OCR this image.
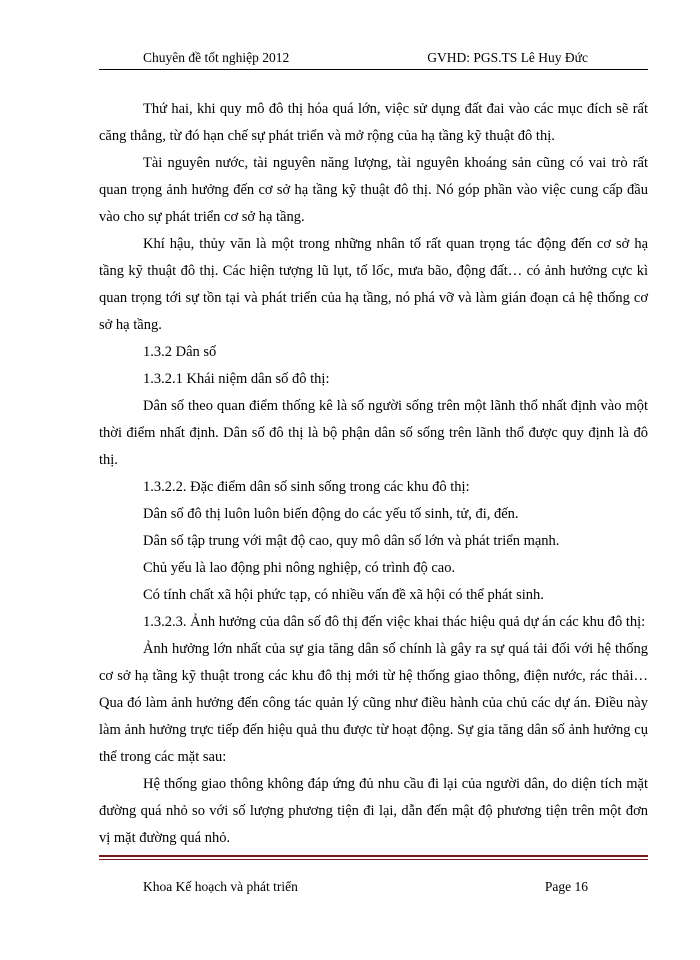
Chuyên đề tốt nghiệp 2012	GVHD: PGS.TS Lê Huy Đức

Thứ hai, khi quy mô đô thị hóa quá lớn, việc sử dụng đất đai vào các mục đích sẽ rất căng thẳng, từ đó hạn chế sự phát triển và mở rộng của hạ tầng kỹ thuật đô thị.

Tài nguyên nước, tài nguyên năng lượng, tài nguyên khoáng sản cũng có vai trò rất quan trọng ảnh hưởng đến cơ sở hạ tầng kỹ thuật đô thị. Nó góp phần vào việc cung cấp đầu vào cho sự phát triển cơ sở hạ tầng.

Khí hậu, thủy văn là một trong những nhân tố rất quan trọng tác động đến cơ sở hạ tầng kỹ thuật đô thị. Các hiện tượng lũ lụt, tố lốc, mưa bão, động đất… có ảnh hưởng cực kì quan trọng tới sự tồn tại và phát triển của hạ tầng, nó phá vỡ và làm gián đoạn cả hệ thống cơ sở hạ tầng.

1.3.2 Dân số

1.3.2.1 Khái niệm dân số đô thị:

Dân số theo quan điểm thống kê là số người sống trên một lãnh thổ nhất định vào một thời điểm nhất định. Dân số đô thị là bộ phận dân số sống trên lãnh thổ được quy định là đô thị.

1.3.2.2. Đặc điểm dân số sinh sống trong các khu đô thị:

Dân số đô thị luôn luôn biến động do các yếu tố sinh, tử, đi, đến.

Dân số tập trung với mật độ cao, quy mô dân số lớn và phát triển mạnh.

Chủ yếu là lao động phi nông nghiệp, có trình độ cao.

Có tính chất xã hội phức tạp, có nhiều vấn đề xã hội có thể phát sinh.

1.3.2.3. Ảnh hưởng của dân số đô thị đến việc khai thác hiệu quả dự án các khu đô thị:

Ảnh hưởng lớn nhất của sự gia tăng dân số chính là gây ra sự quá tải đối với hệ thống cơ sở hạ tầng kỹ thuật trong các khu đô thị mới từ hệ thống giao thông, điện nước, rác thải… Qua đó làm ảnh hưởng đến công tác quản lý cũng như điều hành của chủ các dự án. Điều này làm ảnh hưởng trực tiếp đến hiệu quả thu được từ hoạt động. Sự gia tăng dân số ảnh hưởng cụ thể trong các mặt sau:

Hệ thống giao thông không đáp ứng đủ nhu cầu đi lại của người dân, do diện tích mặt đường quá nhỏ so với số lượng phương tiện đi lại, dẫn đến mật độ phương tiện trên một đơn vị mặt đường quá nhỏ.

Khoa Kế hoạch và phát triển	Page 16
